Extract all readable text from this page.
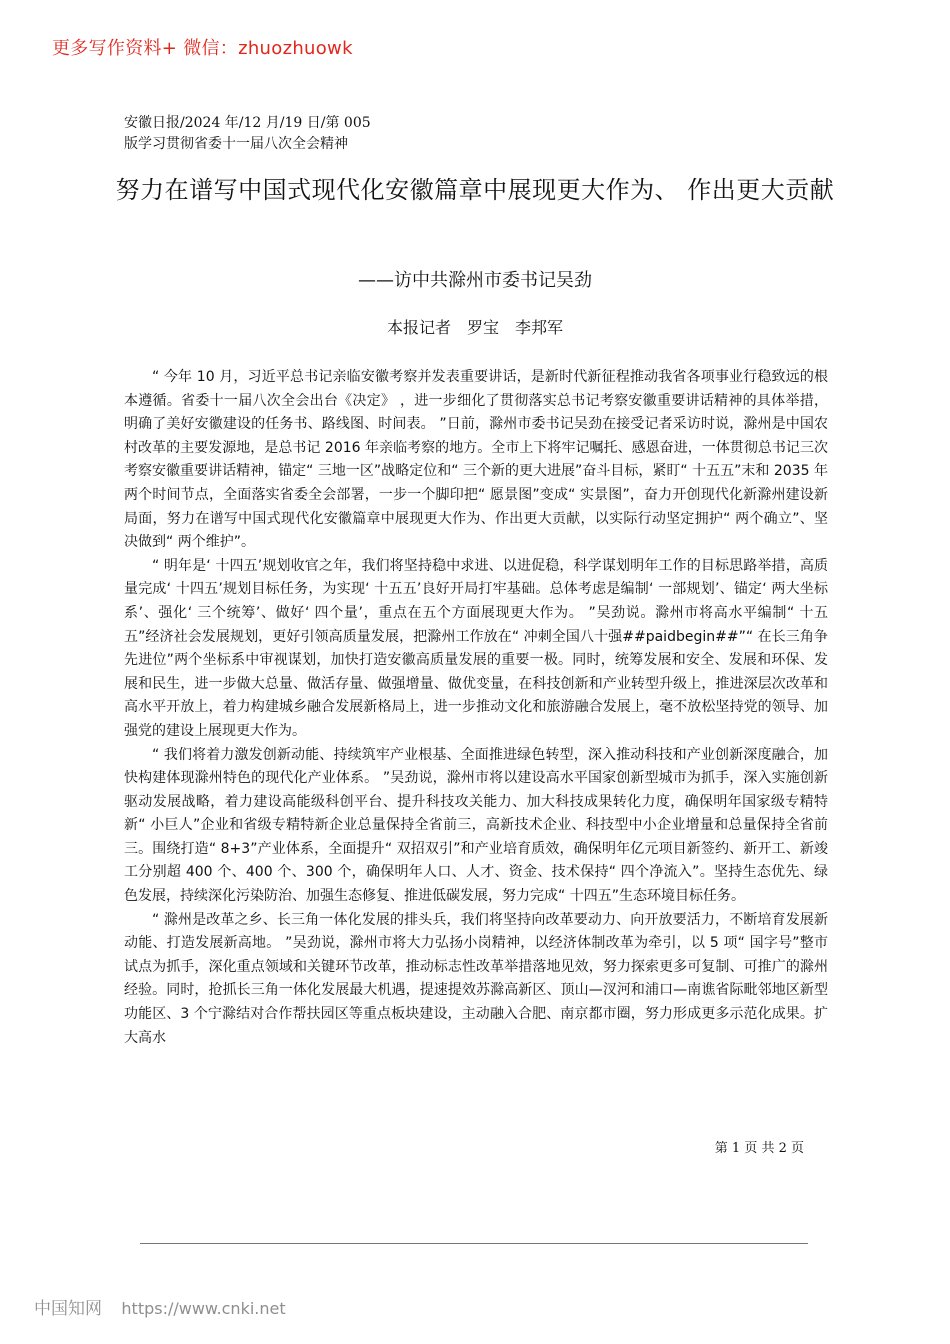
更多写作资料+ 微信：zhuozhuowk
安徽日报/2024 年/12 月/19 日/第 005
版学习贯彻省委十一届八次全会精神
努力在谱写中国式现代化安徽篇章中展现更大作为、 作出更大贡献
——访中共滁州市委书记吴劲
本报记者　罗宝　李邦军

“ 今年 10 月，习近平总书记亲临安徽考察并发表重要讲话，是新时代新征程推动我省各项事业行稳致远的根本遵循。省委十一届八次全会出台《决定》 ，进一步细化了贯彻落实总书记考察安徽重要讲话精神的具体举措，明确了美好安徽建设的任务书、路线图、时间表。 ”日前，滁州市委书记吴劲在接受记者采访时说，滁州是中国农村改革的主要发源地，是总书记 2016 年亲临考察的地方。全市上下将牢记嘱托、感恩奋进，一体贯彻总书记三次考察安徽重要讲话精神，锚定“ 三地一区”战略定位和“ 三个新的更大进展”奋斗目标，紧盯“ 十五五”末和 2035 年两个时间节点，全面落实省委全会部署，一步一个脚印把“ 愿景图”变成“ 实景图”，奋力开创现代化新滁州建设新局面，努力在谱写中国式现代化安徽篇章中展现更大作为、作出更大贡献，以实际行动坚定拥护“ 两个确立”、坚决做到“ 两个维护”。

“ 明年是‘ 十四五’规划收官之年，我们将坚持稳中求进、以进促稳，科学谋划明年工作的目标思路举措，高质量完成‘ 十四五’规划目标任务，为实现‘ 十五五’良好开局打牢基础。总体考虑是编制‘ 一部规划’、锚定‘ 两大坐标系’、强化‘ 三个统筹’、做好‘ 四个量’，重点在五个方面展现更大作为。 ”吴劲说。滁州市将高水平编制“ 十五五”经济社会发展规划，更好引领高质量发展，把滁州工作放在“ 冲刺全国八十强##paidbegin##”“ 在长三角争先进位”两个坐标系中审视谋划，加快打造安徽高质量发展的重要一极。同时，统筹发展和安全、发展和环保、发展和民生，进一步做大总量、做活存量、做强增量、做优变量，在科技创新和产业转型升级上，推进深层次改革和高水平开放上，着力构建城乡融合发展新格局上，进一步推动文化和旅游融合发展上，毫不放松坚持党的领导、加强党的建设上展现更大作为。

“ 我们将着力激发创新动能、持续筑牢产业根基、全面推进绿色转型，深入推动科技和产业创新深度融合，加快构建体现滁州特色的现代化产业体系。 ”吴劲说，滁州市将以建设高水平国家创新型城市为抓手，深入实施创新驱动发展战略，着力建设高能级科创平台、提升科技攻关能力、加大科技成果转化力度，确保明年国家级专精特新“ 小巨人”企业和省级专精特新企业总量保持全省前三，高新技术企业、科技型中小企业增量和总量保持全省前三。围绕打造“ 8+3”产业体系，全面提升“ 双招双引”和产业培育质效，确保明年亿元项目新签约、新开工、新竣工分别超 400 个、400 个、300 个，确保明年人口、人才、资金、技术保持“ 四个净流入”。坚持生态优先、绿色发展，持续深化污染防治、加强生态修复、推进低碳发展，努力完成“ 十四五”生态环境目标任务。

“ 滁州是改革之乡、长三角一体化发展的排头兵，我们将坚持向改革要动力、向开放要活力，不断培育发展新动能、打造发展新高地。 ”吴劲说，滁州市将大力弘扬小岗精神，以经济体制改革为牵引，以 5 项“ 国字号”整市试点为抓手，深化重点领域和关键环节改革，推动标志性改革举措落地见效，努力探索更多可复制、可推广的滁州经验。同时，抢抓长三角一体化发展最大机遇，提速提效苏滁高新区、顶山—汊河和浦口—南谯省际毗邻地区新型功能区、3 个宁滁结对合作帮扶园区等重点板块建设，主动融入合肥、南京都市圈，努力形成更多示范化成果。扩大高水

第 1 页 共 2 页
中国知网 https://www.cnki.net
